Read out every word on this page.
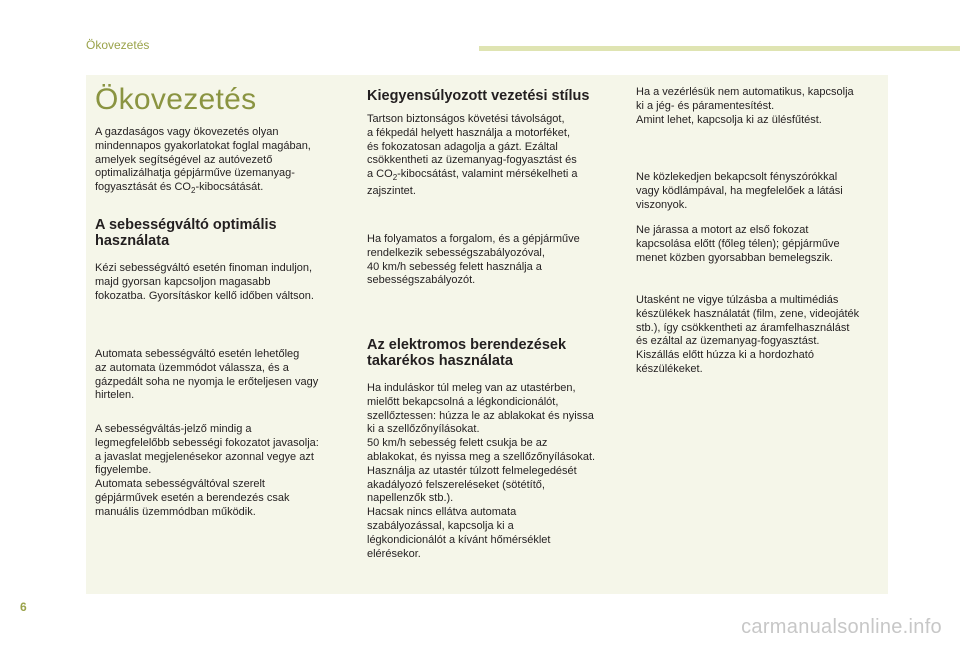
Ökovezetés
Ökovezetés

A gazdaságos vagy ökovezetés olyan
mindennapos gyakorlatokat foglal magában,
amelyek segítségével az autóvezető
optimalizálhatja gépjárműve üzemanyag-
fogyasztását és $CO_2$-kibocsátását.

A sebességváltó optimális
használata

Kézi sebességváltó esetén finoman induljon,
majd gyorsan kapcsoljon magasabb
fokozatba. Gyorsításkor kellő időben váltson.

Automata sebességváltó esetén lehetőleg
az automata üzemmódot válassza, és a
gázpedált soha ne nyomja le erőteljesen vagy
hirtelen.

A sebességváltás-jelző mindig a
legmegfelelőbb sebességi fokozatot javasolja:
a javaslat megjelenésekor azonnal vegye azt
figyelembe.
Automata sebességváltóval szerelt
gépjárművek esetén a berendezés csak
manuális üzemmódban működik.

Kiegyensúlyozott vezetési stílus

Tartson biztonságos követési távolságot,
a fékpedál helyett használja a motorféket,
és fokozatosan adagolja a gázt. Ezáltal
csökkentheti az üzemanyag-fogyasztást és
a $CO_2$-kibocsátást, valamint mérsékelheti a
zajszintet.

Ha folyamatos a forgalom, és a gépjárműve
rendelkezik sebességszabályozóval,
40 km/h sebesség felett használja a
sebességszabályozót.

Az elektromos berendezések
takarékos használata

Ha induláskor túl meleg van az utastérben,
mielőtt bekapcsolná a légkondicionálót,
szellőztessen: húzza le az ablakokat és nyissa
ki a szellőzőnyílásokat.
50 km/h sebesség felett csukja be az
ablakokat, és nyissa meg a szellőzőnyílásokat.
Használja az utastér túlzott felmelegedését
akadályozó felszereléseket (sötétítő,
napellenzők stb.).
Hacsak nincs ellátva automata
szabályozással, kapcsolja ki a
légkondicionálót a kívánt hőmérséklet
elérésekor.

Ha a vezérlésük nem automatikus, kapcsolja
ki a jég- és páramentesítést.
Amint lehet, kapcsolja ki az ülésfűtést.

Ne közlekedjen bekapcsolt fényszórókkal
vagy ködlámpával, ha megfelelőek a látási
viszonyok.

Ne járassa a motort az első fokozat
kapcsolása előtt (főleg télen); gépjárműve
menet közben gyorsabban bemelegszik.

Utasként ne vigye túlzásba a multimédiás
készülékek használatát (film, zene, videojáték
stb.), így csökkentheti az áramfelhasználást
és ezáltal az üzemanyag-fogyasztást.
Kiszállás előtt húzza ki a hordozható
készülékeket.

6
carmanualsonline.info
